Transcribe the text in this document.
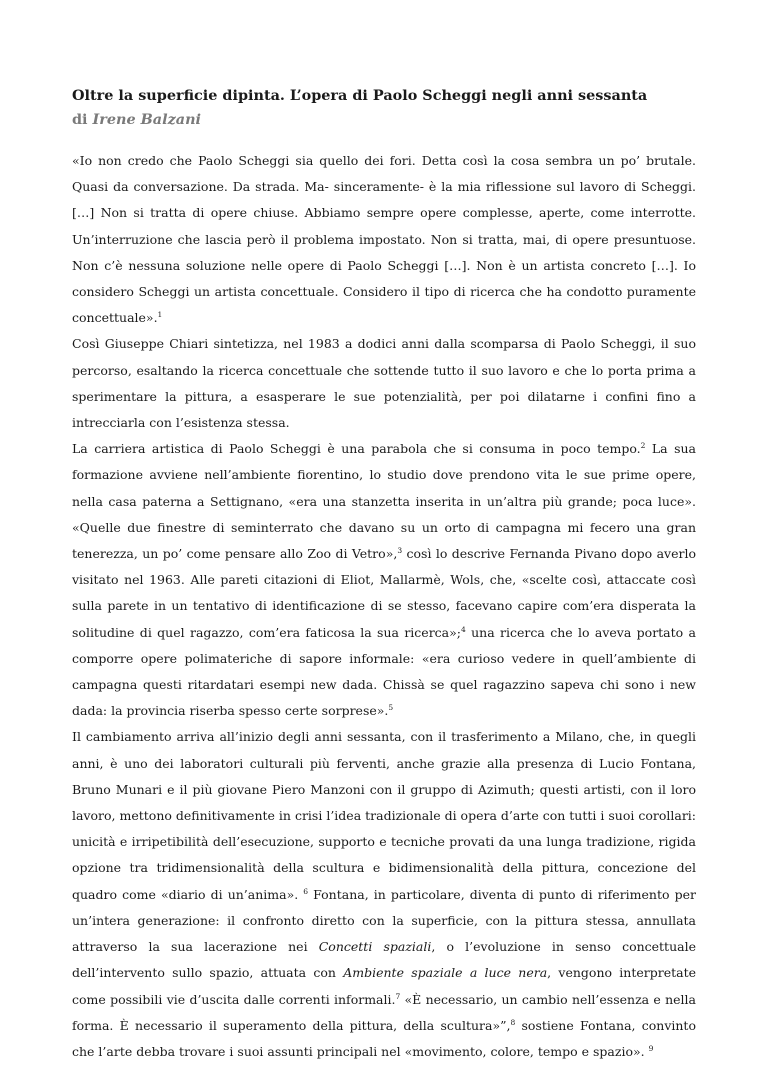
Oltre la superficie dipinta. L’opera di Paolo Scheggi negli anni sessanta

di Irene Balzani

«Io non credo che Paolo Scheggi sia quello dei fori. Detta così la cosa sembra un po’ brutale. Quasi da conversazione. Da strada. Ma- sinceramente- è la mia riflessione sul lavoro di Scheggi.[…] Non si tratta di opere chiuse. Abbiamo sempre opere complesse, aperte, come interrotte. Un’interruzione che lascia però il problema impostato. Non si tratta, mai, di opere presuntuose. Non c’è nessuna soluzione nelle opere di Paolo Scheggi […]. Non è un artista concreto […]. Io considero Scheggi un artista concettuale. Considero il tipo di ricerca che ha condotto puramente concettuale».$^1$

Così Giuseppe Chiari sintetizza, nel 1983 a dodici anni dalla scomparsa di Paolo Scheggi, il suo percorso, esaltando la ricerca concettuale che sottende tutto il suo lavoro e che lo porta prima a sperimentare la pittura, a esasperare le sue potenzialità, per poi dilatarne i confini fino a intrecciarla con l’esistenza stessa.

La carriera artistica di Paolo Scheggi è una parabola che si consuma in poco tempo.$^2$ La sua formazione avviene nell’ambiente fiorentino, lo studio dove prendono vita le sue prime opere, nella casa paterna a Settignano, «era una stanzetta inserita in un’altra più grande; poca luce». «Quelle due finestre di seminterrato che davano su un orto di campagna mi fecero una gran tenerezza, un po’ come pensare allo Zoo di Vetro»,$^3$ così lo descrive Fernanda Pivano dopo averlo visitato nel 1963. Alle pareti citazioni di Eliot, Mallarmè, Wols, che, «scelte così, attaccate così sulla parete in un tentativo di identificazione di se stesso, facevano capire com’era disperata la solitudine di quel ragazzo, com’era faticosa la sua ricerca»;$^4$ una ricerca che lo aveva portato a comporre opere polimateriche di sapore informale: «era curioso vedere in quell’ambiente di campagna questi ritardatari esempi new dada. Chissà se quel ragazzino sapeva chi sono i new dada: la provincia riserba spesso certe sorprese».$^5$

Il cambiamento arriva all’inizio degli anni sessanta, con il trasferimento a Milano, che, in quegli anni, è uno dei laboratori culturali più ferventi, anche grazie alla presenza di Lucio Fontana, Bruno Munari e il più giovane Piero Manzoni con il gruppo di Azimuth; questi artisti, con il loro lavoro, mettono definitivamente in crisi l’idea tradizionale di opera d’arte con tutti i suoi corollari: unicità e irripetibilità dell’esecuzione, supporto e tecniche provati da una lunga tradizione, rigida opzione tra tridimensionalità della scultura e bidimensionalità della pittura, concezione del quadro come «diario di un’anima». $^6$ Fontana, in particolare, diventa di punto di riferimento per un’intera generazione: il confronto diretto con la superficie, con la pittura stessa, annullata attraverso la sua lacerazione nei Concetti spaziali, o l’evoluzione in senso concettuale dell’intervento sullo spazio, attuata con Ambiente spaziale a luce nera, vengono interpretate come possibili vie d’uscita dalle correnti informali.$^7$ «È necessario, un cambio nell’essenza e nella forma. È necessario il superamento della pittura, della scultura»”,$^8$ sostiene Fontana, convinto che l’arte debba trovare i suoi assunti principali nel «movimento, colore, tempo e spazio». $^9$
